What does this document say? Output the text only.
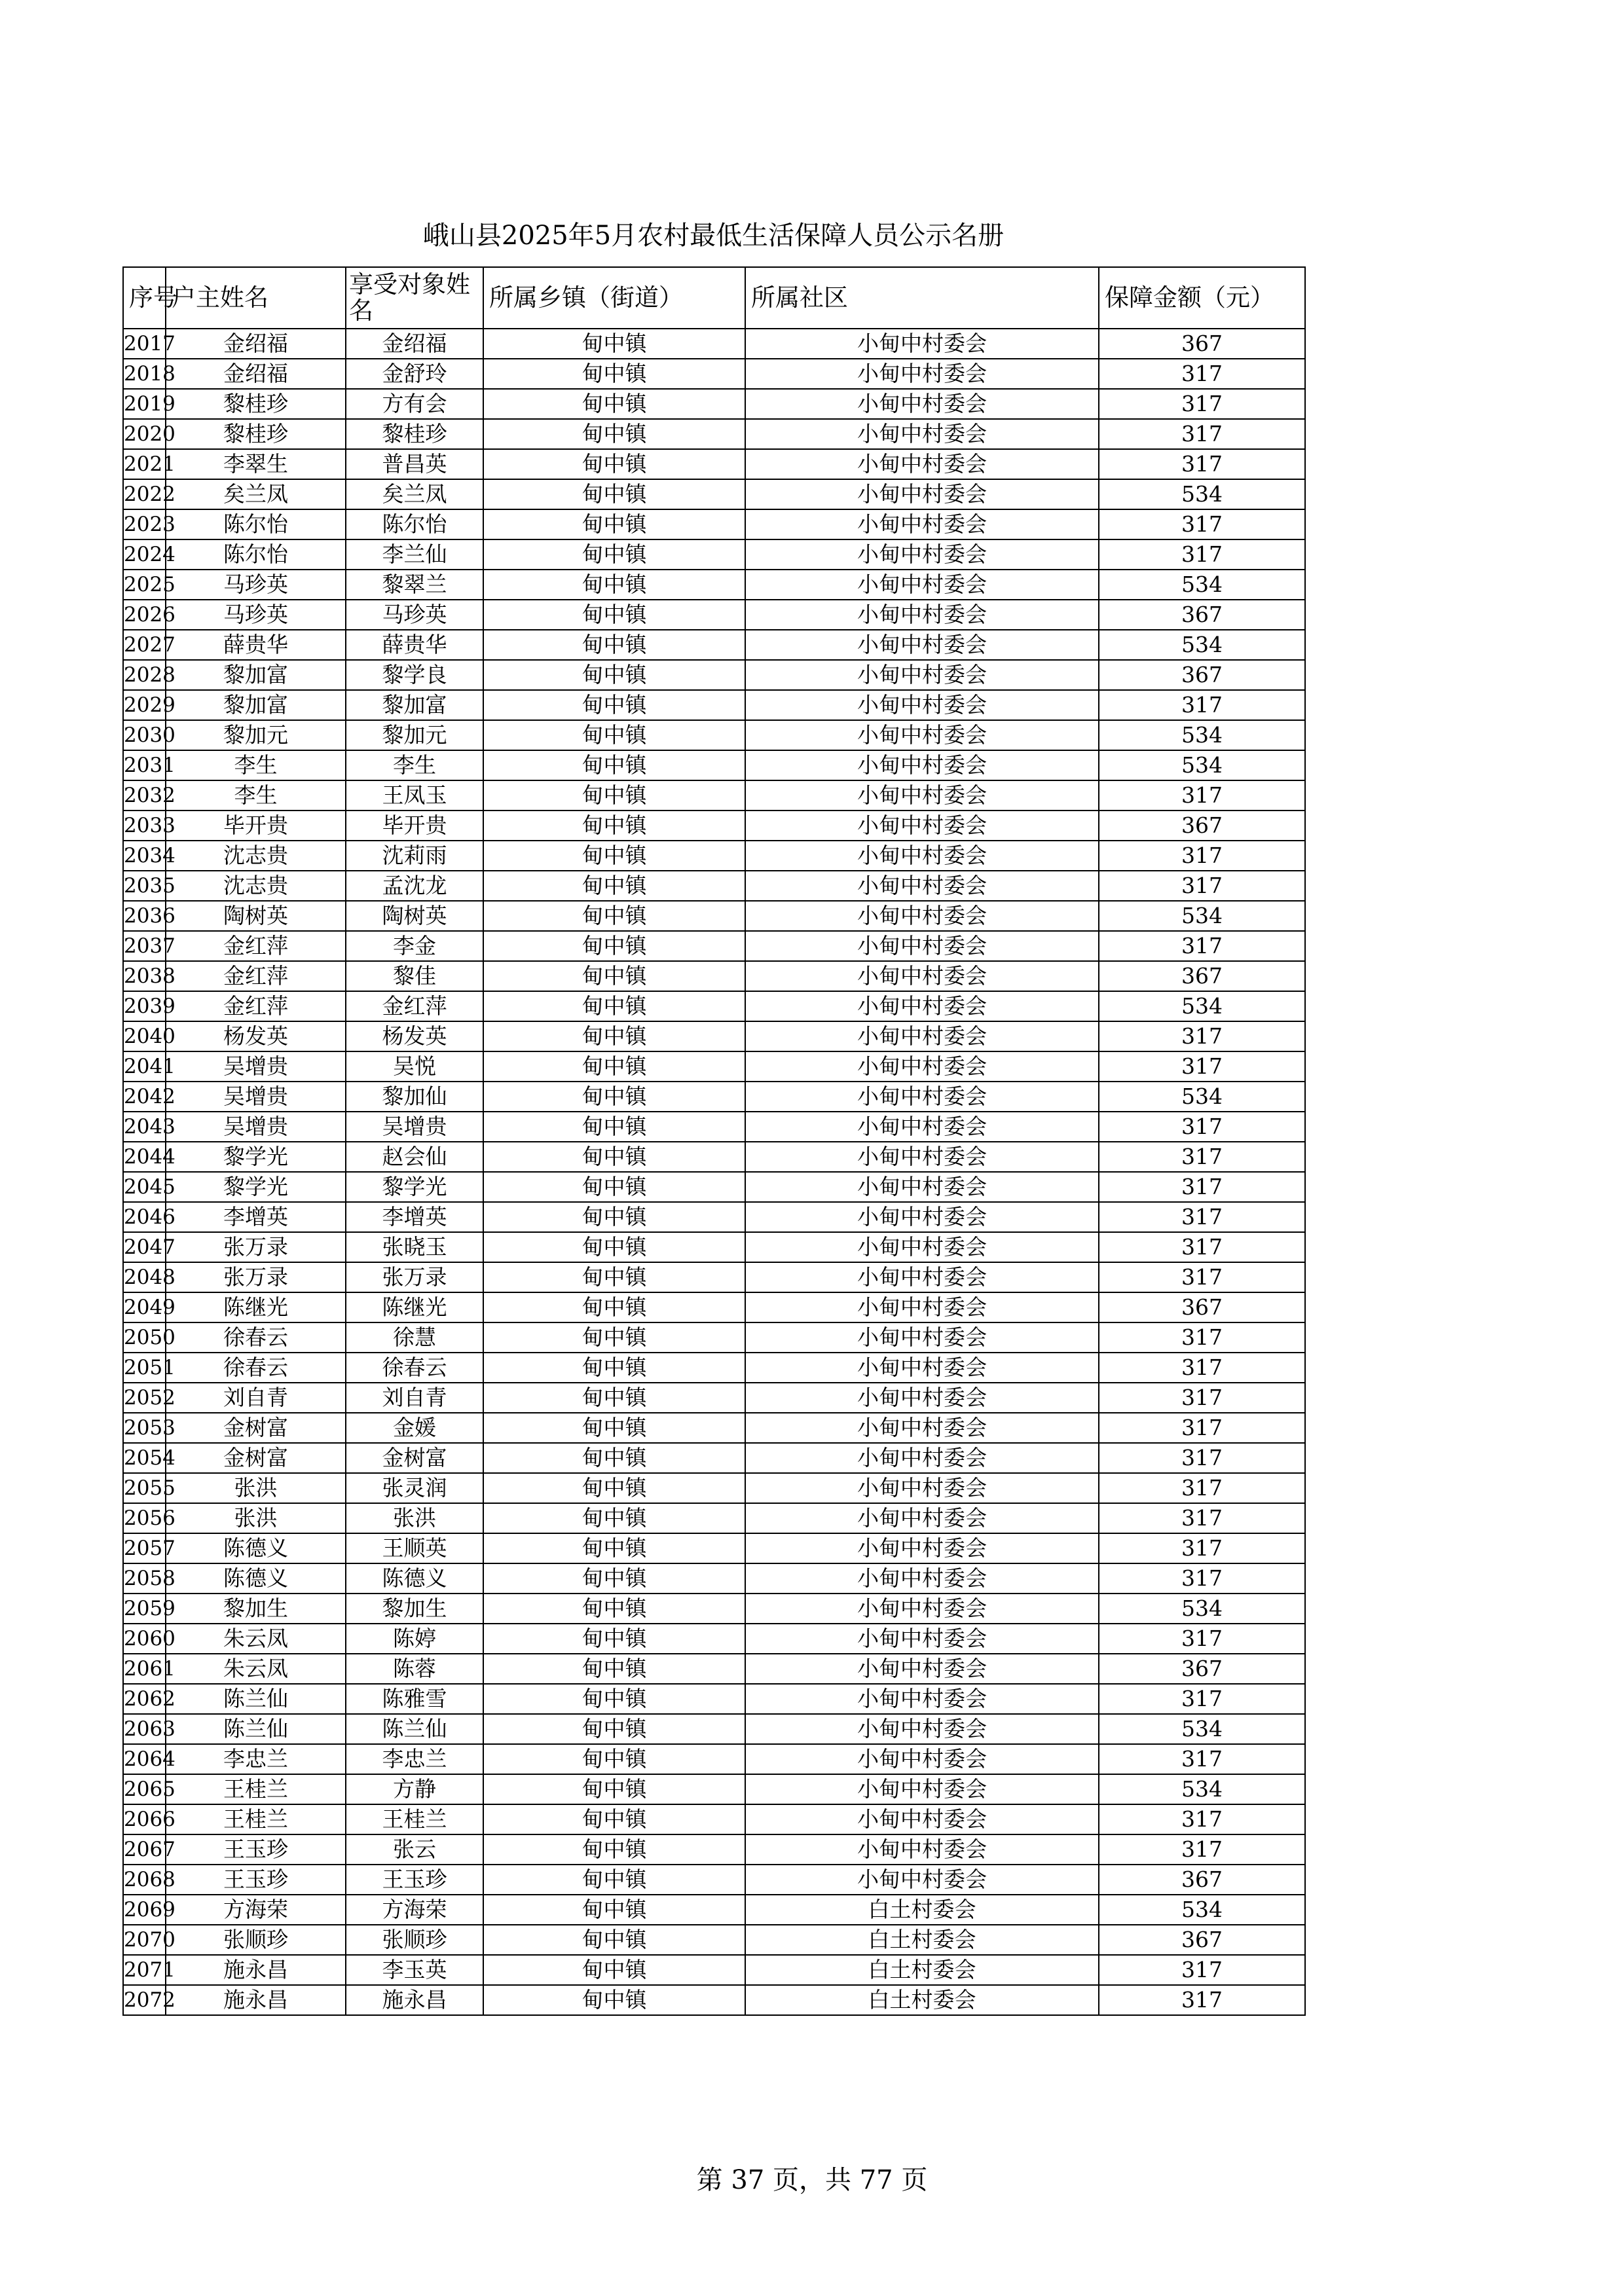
峨山县2025年5月农村最低生活保障人员公示名册
序号	户主姓名	享受对象姓名	所属乡镇（街道）	所属社区	保障金额（元）
2017	金绍福	金绍福	甸中镇	小甸中村委会	367
2018	金绍福	金舒玲	甸中镇	小甸中村委会	317
2019	黎桂珍	方有会	甸中镇	小甸中村委会	317
2020	黎桂珍	黎桂珍	甸中镇	小甸中村委会	317
2021	李翠生	普昌英	甸中镇	小甸中村委会	317
2022	矣兰凤	矣兰凤	甸中镇	小甸中村委会	534
2023	陈尔怡	陈尔怡	甸中镇	小甸中村委会	317
2024	陈尔怡	李兰仙	甸中镇	小甸中村委会	317
2025	马珍英	黎翠兰	甸中镇	小甸中村委会	534
2026	马珍英	马珍英	甸中镇	小甸中村委会	367
2027	薛贵华	薛贵华	甸中镇	小甸中村委会	534
2028	黎加富	黎学良	甸中镇	小甸中村委会	367
2029	黎加富	黎加富	甸中镇	小甸中村委会	317
2030	黎加元	黎加元	甸中镇	小甸中村委会	534
2031	李生	李生	甸中镇	小甸中村委会	534
2032	李生	王凤玉	甸中镇	小甸中村委会	317
2033	毕开贵	毕开贵	甸中镇	小甸中村委会	367
2034	沈志贵	沈莉雨	甸中镇	小甸中村委会	317
2035	沈志贵	孟沈龙	甸中镇	小甸中村委会	317
2036	陶树英	陶树英	甸中镇	小甸中村委会	534
2037	金红萍	李金	甸中镇	小甸中村委会	317
2038	金红萍	黎佳	甸中镇	小甸中村委会	367
2039	金红萍	金红萍	甸中镇	小甸中村委会	534
2040	杨发英	杨发英	甸中镇	小甸中村委会	317
2041	吴增贵	吴悦	甸中镇	小甸中村委会	317
2042	吴增贵	黎加仙	甸中镇	小甸中村委会	534
2043	吴增贵	吴增贵	甸中镇	小甸中村委会	317
2044	黎学光	赵会仙	甸中镇	小甸中村委会	317
2045	黎学光	黎学光	甸中镇	小甸中村委会	317
2046	李增英	李增英	甸中镇	小甸中村委会	317
2047	张万录	张晓玉	甸中镇	小甸中村委会	317
2048	张万录	张万录	甸中镇	小甸中村委会	317
2049	陈继光	陈继光	甸中镇	小甸中村委会	367
2050	徐春云	徐慧	甸中镇	小甸中村委会	317
2051	徐春云	徐春云	甸中镇	小甸中村委会	317
2052	刘自青	刘自青	甸中镇	小甸中村委会	317
2053	金树富	金媛	甸中镇	小甸中村委会	317
2054	金树富	金树富	甸中镇	小甸中村委会	317
2055	张洪	张灵润	甸中镇	小甸中村委会	317
2056	张洪	张洪	甸中镇	小甸中村委会	317
2057	陈德义	王顺英	甸中镇	小甸中村委会	317
2058	陈德义	陈德义	甸中镇	小甸中村委会	317
2059	黎加生	黎加生	甸中镇	小甸中村委会	534
2060	朱云凤	陈婷	甸中镇	小甸中村委会	317
2061	朱云凤	陈蓉	甸中镇	小甸中村委会	367
2062	陈兰仙	陈雅雪	甸中镇	小甸中村委会	317
2063	陈兰仙	陈兰仙	甸中镇	小甸中村委会	534
2064	李忠兰	李忠兰	甸中镇	小甸中村委会	317
2065	王桂兰	方静	甸中镇	小甸中村委会	534
2066	王桂兰	王桂兰	甸中镇	小甸中村委会	317
2067	王玉珍	张云	甸中镇	小甸中村委会	317
2068	王玉珍	王玉珍	甸中镇	小甸中村委会	367
2069	方海荣	方海荣	甸中镇	白土村委会	534
2070	张顺珍	张顺珍	甸中镇	白土村委会	367
2071	施永昌	李玉英	甸中镇	白土村委会	317
2072	施永昌	施永昌	甸中镇	白土村委会	317
第 37 页，共 77 页
